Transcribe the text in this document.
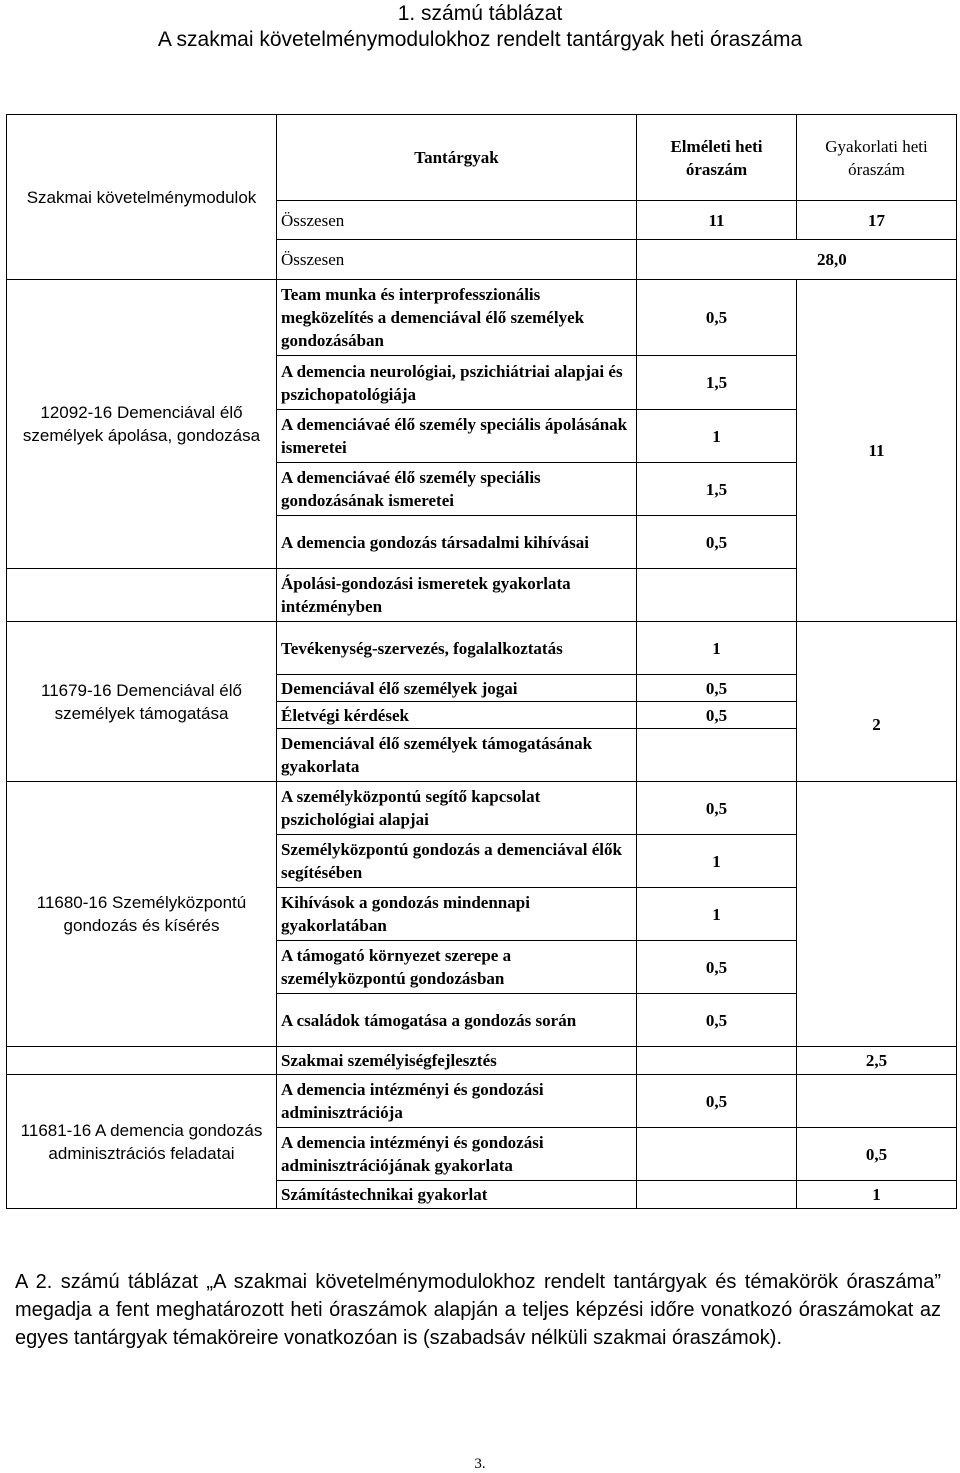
1. számú táblázat
A szakmai követelménymodulokhoz rendelt tantárgyak heti óraszáma
Szakmai követelménymodulok	Tantárgyak	Elméleti heti óraszám	Gyakorlati heti óraszám
	Összesen	11	17
	Összesen	28,0	
12092-16 Demenciával élő személyek ápolása, gondozása	Team munka és interprofesszionális megközelítés a demenciával élő személyek gondozásában	0,5	11
	A demencia neurológiai, pszichiátriai alapjai és pszichopatológiája	1,5	
	A demenciávaé élő személy speciális ápolásának ismeretei	1	
	A demenciávaé élő személy speciális gondozásának ismeretei	1,5	
	A demencia gondozás társadalmi kihívásai	0,5	
	Ápolási-gondozási ismeretek gyakorlata intézményben		
11679-16 Demenciával élő személyek támogatása	Tevékenység-szervezés, fogalalkoztatás	1	2
	Demenciával élő személyek jogai	0,5	
	Életvégi kérdések	0,5	
	Demenciával élő személyek támogatásának gyakorlata		
11680-16 Személyközpontú gondozás és kísérés	A személyközpontú segítő kapcsolat pszichológiai alapjai	0,5	
	Személyközpontú gondozás a demenciával élők segítésében	1	
	Kihívások a gondozás mindennapi gyakorlatában	1	
	A támogató környezet szerepe a személyközpontú gondozásban	0,5	
	A családok támogatása a gondozás során	0,5	
	Szakmai személyiségfejlesztés		2,5
11681-16 A demencia gondozás adminisztrációs feladatai	A demencia intézményi és gondozási adminisztrációja	0,5	
	A demencia intézményi és gondozási adminisztrációjának gyakorlata		0,5
	Számítástechnikai gyakorlat		1

A 2. számú táblázat „A szakmai követelménymodulokhoz rendelt tantárgyak és témakörök óraszáma” megadja a fent meghatározott heti óraszámok alapján a teljes képzési időre vonatkozó óraszámokat az egyes tantárgyak témaköreire vonatkozóan is (szabadsáv nélküli szakmai óraszámok).

3.
